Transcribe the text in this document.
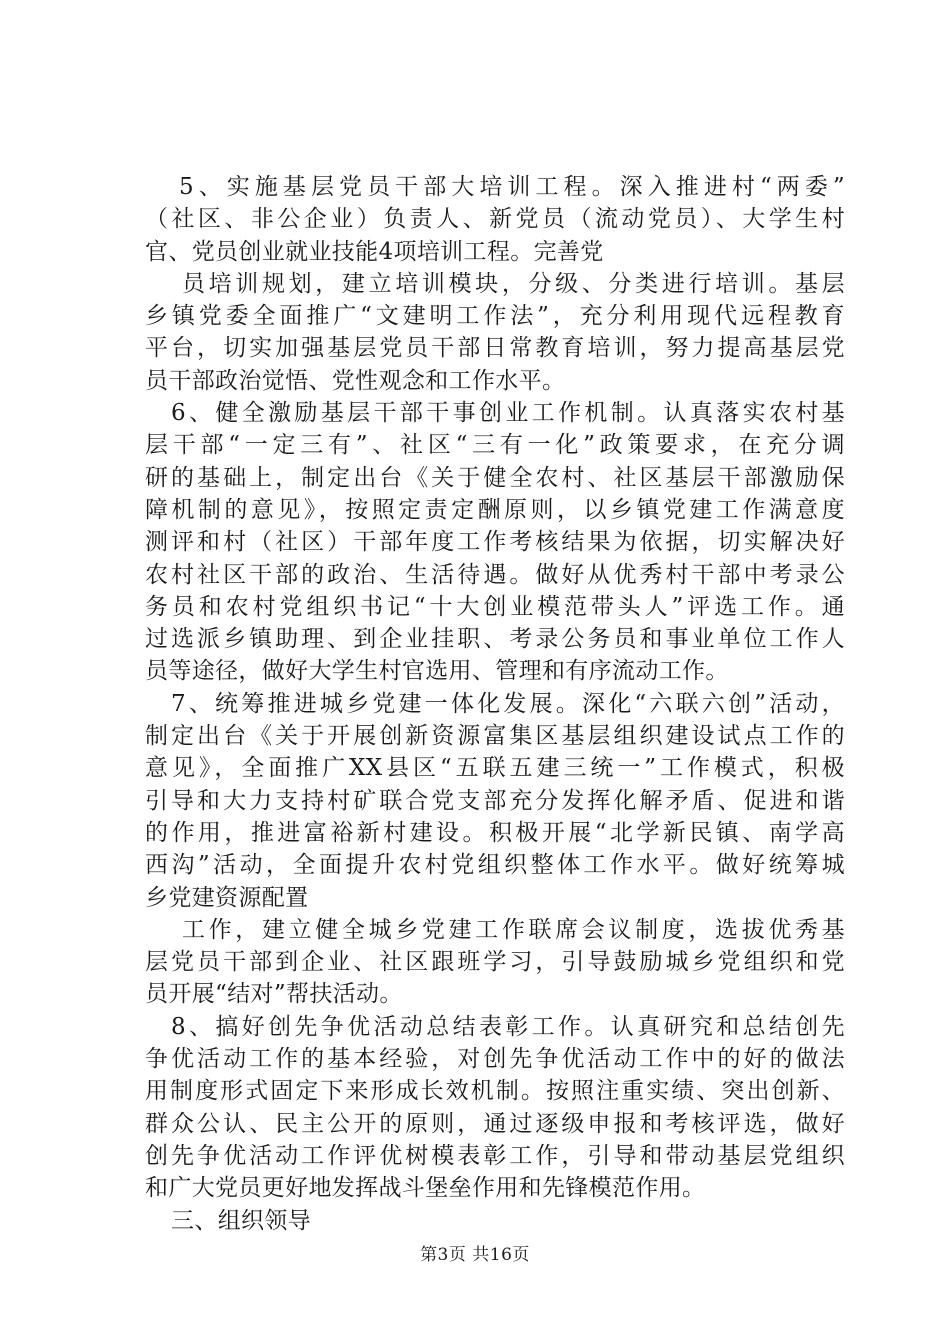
5、实施基层党员干部大培训工程。深入推进村“两委”
（社区、非公企业）负责人、新党员（流动党员）、大学生村
官、党员创业就业技能4项培训工程。完善党
员培训规划，建立培训模块，分级、分类进行培训。基层
乡镇党委全面推广“文建明工作法”，充分利用现代远程教育
平台，切实加强基层党员干部日常教育培训，努力提高基层党
员干部政治觉悟、党性观念和工作水平。
6、健全激励基层干部干事创业工作机制。认真落实农村基
层干部“一定三有”、社区“三有一化”政策要求，在充分调
研的基础上，制定出台《关于健全农村、社区基层干部激励保
障机制的意见》，按照定责定酬原则，以乡镇党建工作满意度
测评和村（社区）干部年度工作考核结果为依据，切实解决好
农村社区干部的政治、生活待遇。做好从优秀村干部中考录公
务员和农村党组织书记“十大创业模范带头人”评选工作。通
过选派乡镇助理、到企业挂职、考录公务员和事业单位工作人
员等途径，做好大学生村官选用、管理和有序流动工作。
7、统筹推进城乡党建一体化发展。深化“六联六创”活动，
制定出台《关于开展创新资源富集区基层组织建设试点工作的
意见》，全面推广XX县区“五联五建三统一”工作模式，积极
引导和大力支持村矿联合党支部充分发挥化解矛盾、促进和谐
的作用，推进富裕新村建设。积极开展“北学新民镇、南学高
西沟”活动，全面提升农村党组织整体工作水平。做好统筹城
乡党建资源配置
工作，建立健全城乡党建工作联席会议制度，选拔优秀基
层党员干部到企业、社区跟班学习，引导鼓励城乡党组织和党
员开展“结对”帮扶活动。
8、搞好创先争优活动总结表彰工作。认真研究和总结创先
争优活动工作的基本经验，对创先争优活动工作中的好的做法
用制度形式固定下来形成长效机制。按照注重实绩、突出创新、
群众公认、民主公开的原则，通过逐级申报和考核评选，做好
创先争优活动工作评优树模表彰工作，引导和带动基层党组织
和广大党员更好地发挥战斗堡垒作用和先锋模范作用。
三、组织领导
第3页 共16页
